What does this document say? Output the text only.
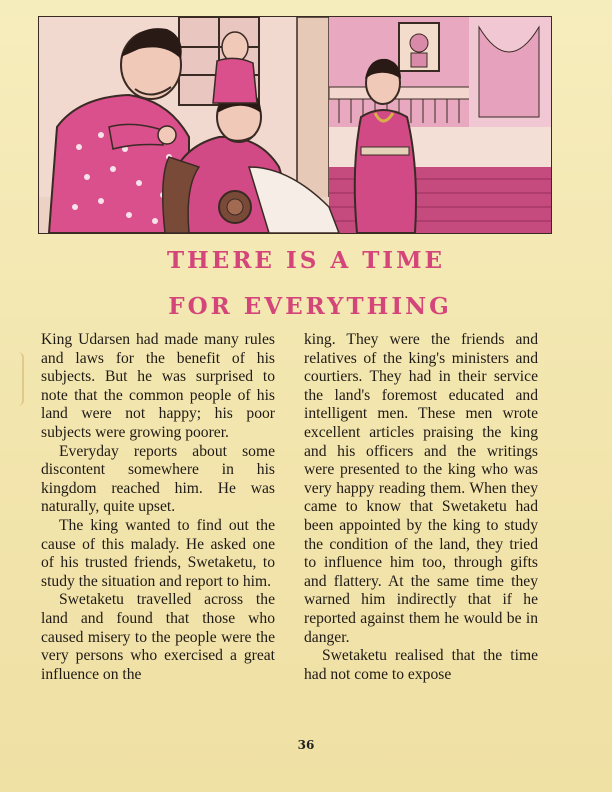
THERE IS A TIME
FOR EVERYTHING

King Udarsen had made many rules and laws for the benefit of his subjects. But he was surprised to note that the common people of his land were not happy; his poor subjects were growing poorer.

Everyday reports about some discontent somewhere in his kingdom reached him. He was naturally, quite upset.

The king wanted to find out the cause of this malady. He asked one of his trusted friends, Swetaketu, to study the situation and report to him.

Swetaketu travelled across the land and found that those who caused misery to the people were the very persons who exercised a great influence on the

king. They were the friends and relatives of the king's ministers and courtiers. They had in their service the land's foremost educated and intelligent men. These men wrote excellent articles praising the king and his officers and the writings were presented to the king who was very happy reading them. When they came to know that Swetaketu had been appointed by the king to study the condition of the land, they tried to influence him too, through gifts and flattery. At the same time they warned him indirectly that if he reported against them he would be in danger.

Swetaketu realised that the time had not come to expose

36
